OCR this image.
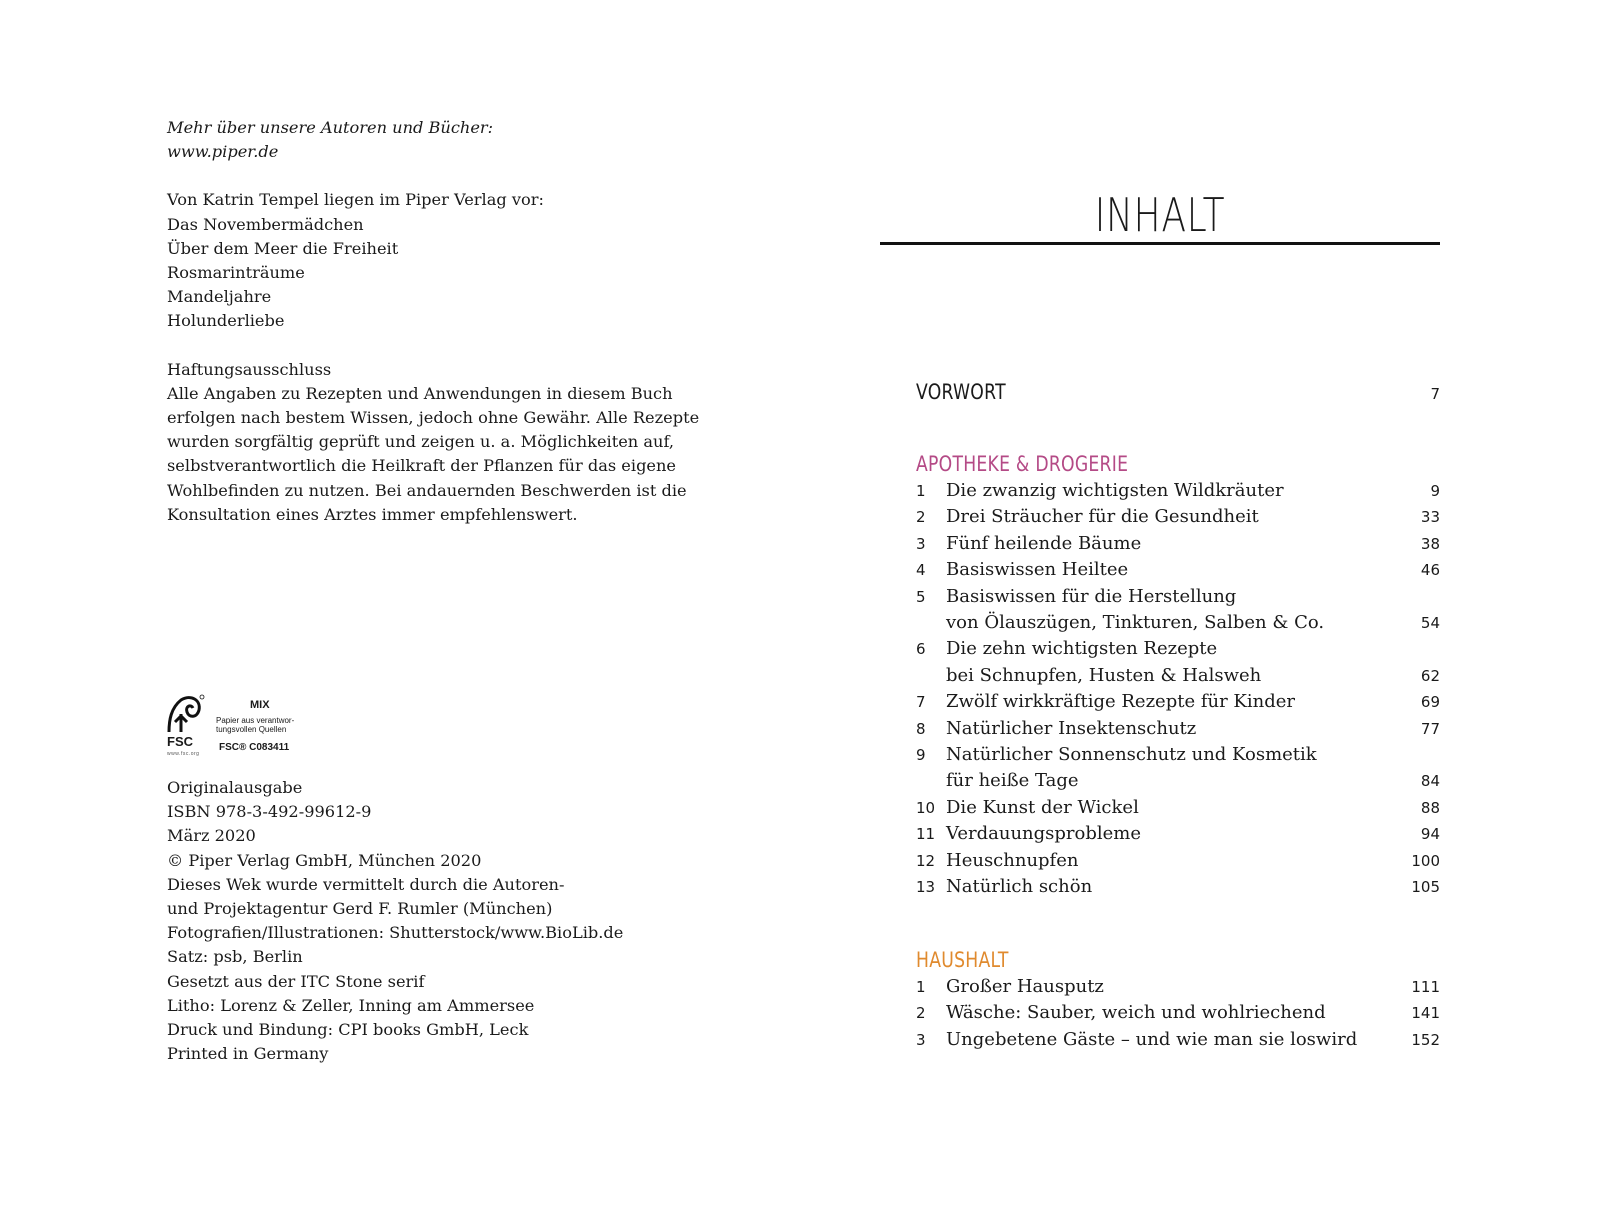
Mehr über unsere Autoren und Bücher:

www.piper.de

Von Katrin Tempel liegen im Piper Verlag vor:

Das Novembermädchen

Über dem Meer die Freiheit

Rosmarinträume

Mandeljahre

Holunderliebe

Haftungsausschluss

Alle Angaben zu Rezepten und Anwendungen in diesem Buch

erfolgen nach bestem Wissen, jedoch ohne Gewähr. Alle Rezepte

wurden sorgfältig geprüft und zeigen u. a. Möglichkeiten auf,

selbstverantwortlich die Heilkraft der Pflanzen für das eigene

Wohlbefinden zu nutzen. Bei andauernden Beschwerden ist die

Konsultation eines Arztes immer empfehlenswert.

FSC
www.fsc.org
MIX
Papier aus verantwor-tungsvollen Quellen
FSC® C083411

Originalausgabe

ISBN 978-3-492-99612-9

März 2020

© Piper Verlag GmbH, München 2020

Dieses Wek wurde vermittelt durch die Autoren-

und Projektagentur Gerd F. Rumler (München)

Fotografien/Illustrationen: Shutterstock/www.BioLib.de

Satz: psb, Berlin

Gesetzt aus der ITC Stone serif

Litho: Lorenz & Zeller, Inning am Ammersee

Druck und Bindung: CPI books GmbH, Leck

Printed in Germany

INHALT
VORWORT	7
APOTHEKE & DROGERIE
1	Die zwanzig wichtigsten Wildkräuter	9
2	Drei Sträucher für die Gesundheit	33
3	Fünf heilende Bäume	38
4	Basiswissen Heiltee	46
5	Basiswissen für die Herstellung
von Ölauszügen, Tinkturen, Salben & Co.	54
6	Die zehn wichtigsten Rezepte
bei Schnupfen, Husten & Halsweh	62
7	Zwölf wirkkräftige Rezepte für Kinder	69
8	Natürlicher Insektenschutz	77
9	Natürlicher Sonnenschutz und Kosmetik
für heiße Tage	84
10 Die Kunst der Wickel	88
11 Verdauungsprobleme	94
12 Heuschnupfen	100
13 Natürlich schön	105
HAUSHALT
1	Großer Hausputz	111
2	Wäsche: Sauber, weich und wohlriechend	141
3	Ungebetene Gäste – und wie man sie loswird	152
